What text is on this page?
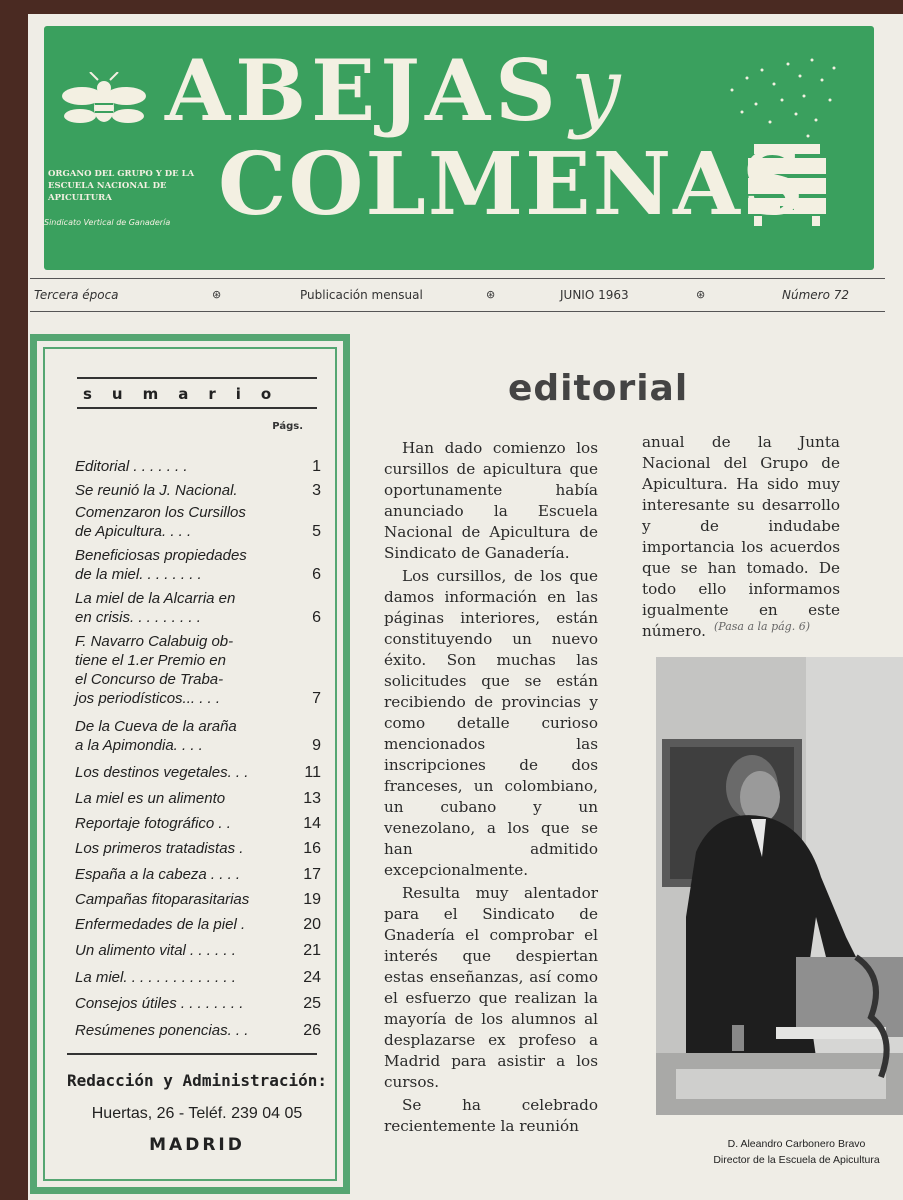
ABEJAS y
COLMENAS
ORGANO DEL GRUPO Y DE LA ESCUELA NACIONAL DE APICULTURA
Sindicato Vertical de Ganadería
Tercera época	⊛	Publicación mensual	⊛	JUNIO 1963	⊛	Número 72
sumario
Págs.
Editorial . . . . . . .	1
Se reunió la J. Nacional.	3
Comenzaron los Cursillos
de Apicultura. . . .	5
Beneficiosas propiedades
de la miel. . . . . . . .	6
La miel de la Alcarria en
en crisis. . . . . . . . .	6
F. Navarro Calabuig ob-
tiene el 1.er Premio en
el Concurso de Traba-
jos periodísticos... . . .	7
De la Cueva de la araña
a la Apimondia. . . .	9
Los destinos vegetales. . .	11
La miel es un alimento	13
Reportaje fotográfico . .	14
Los primeros tratadistas .	16
España a la cabeza . . . .	17
Campañas fitoparasitarias	19
Enfermedades de la piel .	20
Un alimento vital . . . . . .	21
La miel. . . . . . . . . . . . . .	24
Consejos útiles . . . . . . . .	25
Resúmenes ponencias. . .	26
Redacción y Administración:
Huertas, 26 - Teléf. 239 04 05
MADRID
editorial

Han dado comienzo los cursillos de apicultura que oportunamente había anunciado la Escuela Nacional de Apicultura de Sindicato de Ganadería.

Los cursillos, de los que damos información en las páginas interiores, están constituyendo un nuevo éxito. Son muchas las solicitudes que se están recibiendo de provincias y como detalle curioso mencionados las inscripciones de dos franceses, un colombiano, un cubano y un venezolano, a los que se han admitido excepcionalmente.

Resulta muy alentador para el Sindicato de Gnadería el comprobar el interés que despiertan estas enseñanzas, así como el esfuerzo que realizan la mayoría de los alumnos al desplazarse ex profeso a Madrid para asistir a los cursos.

Se ha celebrado recientemente la reunión

anual de la Junta Nacional del Grupo de Apicultura. Ha sido muy interesante su desarrollo y de indudabe importancia los acuerdos que se han tomado. De todo ello informamos igualmente en este número. (Pasa a la pág. 6)
D. Aleandro Carbonero Bravo
Director de la Escuela de Apiculturа
